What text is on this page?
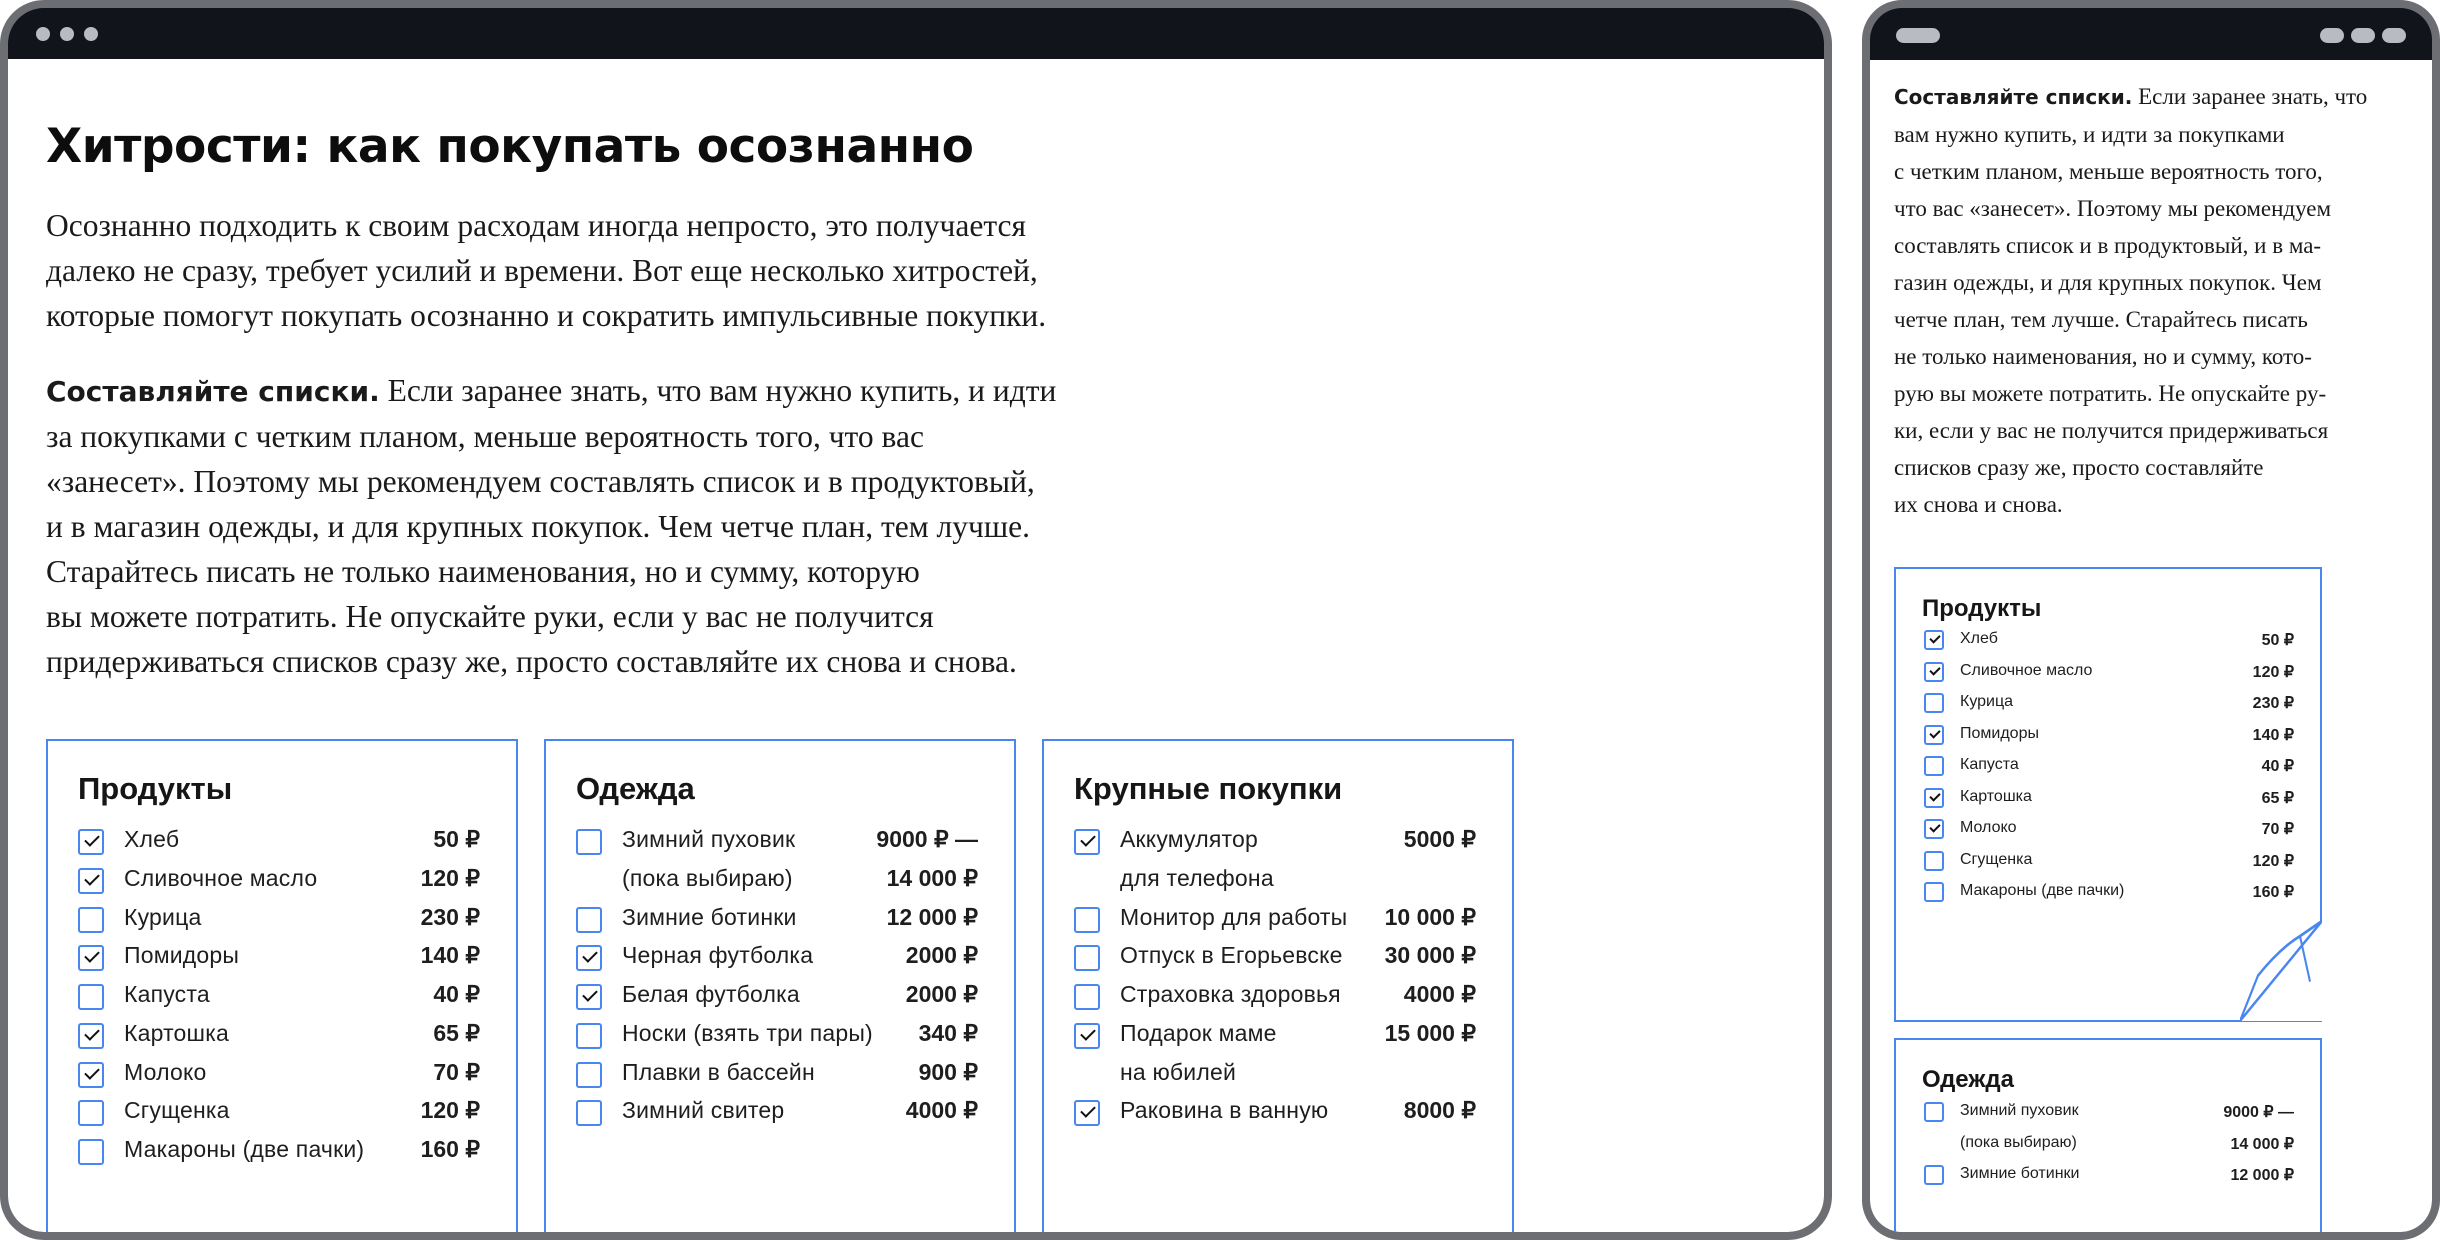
Хитрости: как покупать осознанно

Осознанно подходить к своим расходам иногда непросто, это получается
далеко не сразу, требует усилий и времени. Вот еще несколько хитростей,
которые помогут покупать осознанно и сократить импульсивные покупки.

Составляйте списки. Если заранее знать, что вам нужно купить, и идти
за покупками с четким планом, меньше вероятность того, что вас
«занесет». Поэтому мы рекомендуем составлять список и в продуктовый,
и в магазин одежды, и для крупных покупок. Чем четче план, тем лучше.
Старайтесь писать не только наименования, но и сумму, которую
вы можете потратить. Не опускайте руки, если у вас не получится
придерживаться списков сразу же, просто составляйте их снова и снова.

Продукты
Хлеб	50 ₽
Сливочное масло	120 ₽
Курица	230 ₽
Помидоры	140 ₽
Капуста	40 ₽
Картошка	65 ₽
Молоко	70 ₽
Сгущенка	120 ₽
Макароны (две пачки) 160 ₽
Одежда
Зимний пуховик	9000 ₽ —
(пока выбираю)	14 000 ₽
Зимние ботинки	12 000 ₽
Черная футболка	2000 ₽
Белая футболка	2000 ₽
Носки (взять три пары) 340 ₽
Плавки в бассейн	900 ₽
Зимний свитер	4000 ₽
Крупные покупки
Аккумулятор	5000 ₽
для телефона
Монитор для работы 10 000 ₽
Отпуск в Егорьевске 30 000 ₽
Страховка здоровья	4000 ₽
Подарок маме	15 000 ₽
на юбилей
Раковина в ванную	8000 ₽

Составляйте списки. Если заранее знать, что
вам нужно купить, и идти за покупками
с четким планом, меньше вероятность того,
что вас «занесет». Поэтому мы рекомендуем
составлять список и в продуктовый, и в ма-
газин одежды, и для крупных покупок. Чем
четче план, тем лучше. Старайтесь писать
не только наименования, но и сумму, кото-
рую вы можете потратить. Не опускайте ру-
ки, если у вас не получится придерживаться
списков сразу же, просто составляйте
их снова и снова.

Продукты
Хлеб	50 ₽
Сливочное масло	120 ₽
Курица	230 ₽
Помидоры	140 ₽
Капуста	40 ₽
Картошка	65 ₽
Молоко	70 ₽
Сгущенка	120 ₽
Макароны (две пачки)	160 ₽
Одежда
Зимний пуховик	9000 ₽ —
(пока выбираю)	14 000 ₽
Зимние ботинки	12 000 ₽
